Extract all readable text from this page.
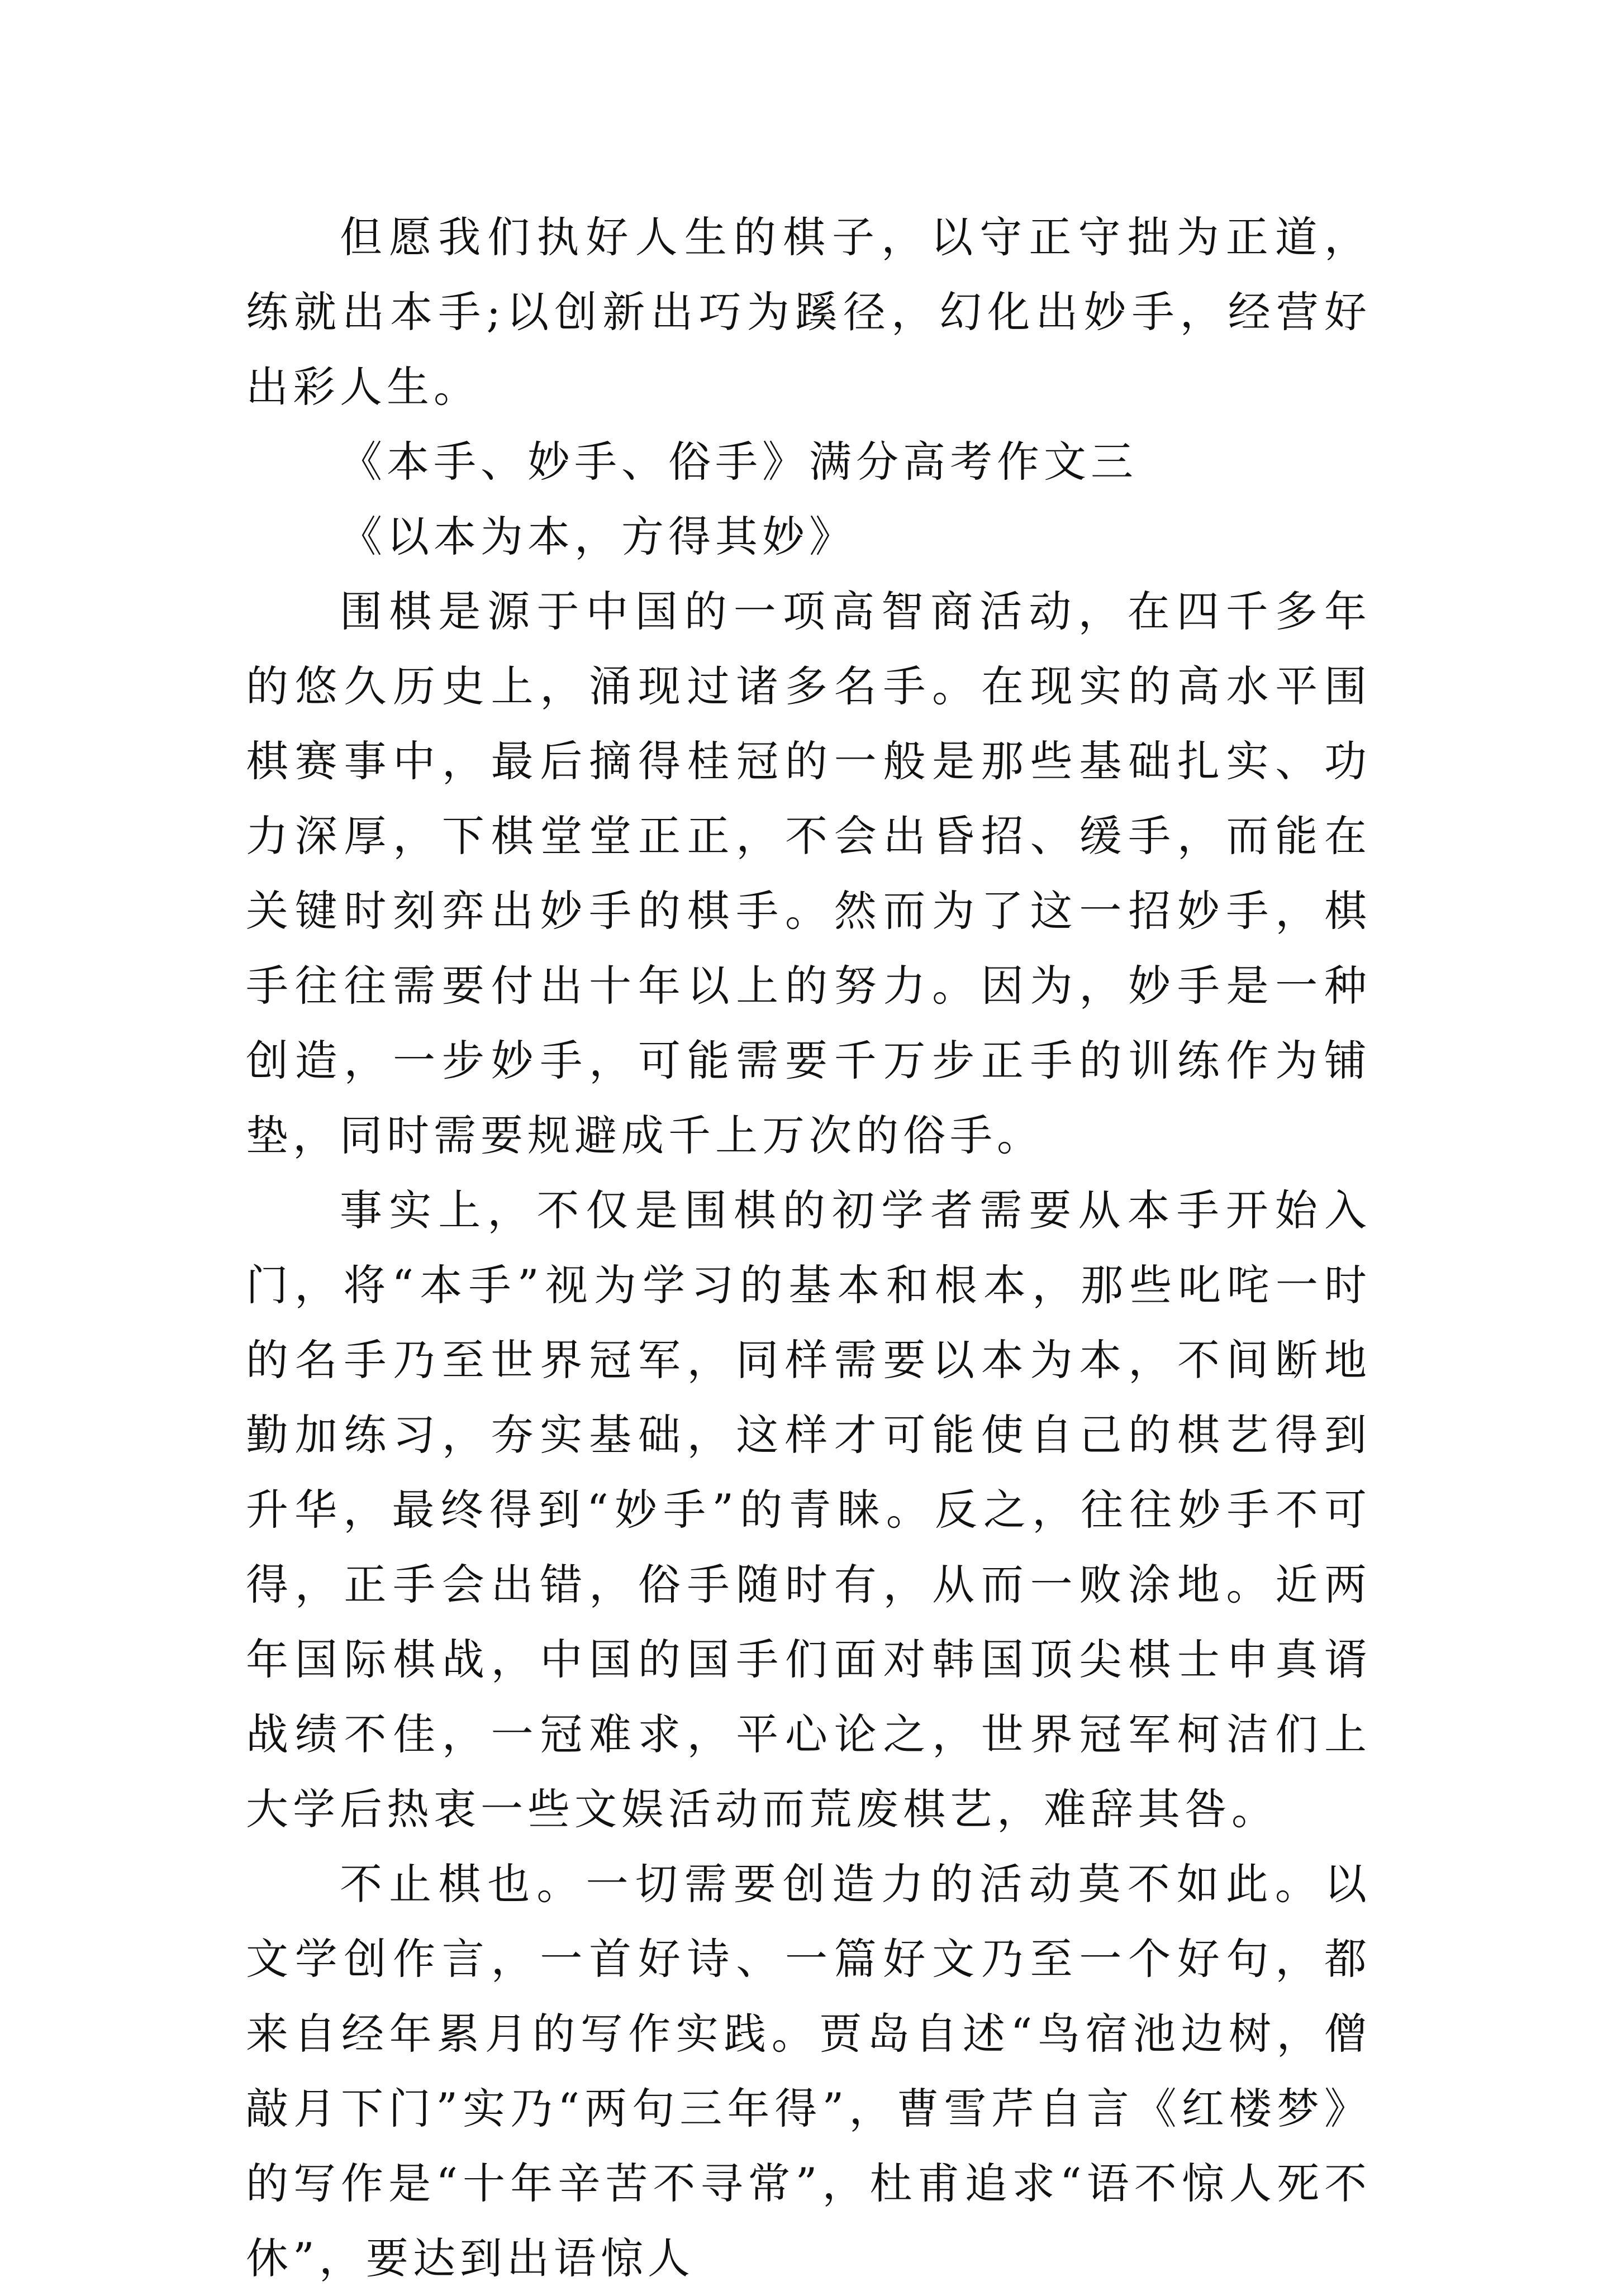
但愿我们执好人生的棋子，以守正守拙为正道，练就出本手;以创新出巧为蹊径，幻化出妙手，经营好出彩人生。

《本手、妙手、俗手》满分高考作文三

《以本为本，方得其妙》

围棋是源于中国的一项高智商活动，在四千多年的悠久历史上，涌现过诸多名手。在现实的高水平围棋赛事中，最后摘得桂冠的一般是那些基础扎实、功力深厚，下棋堂堂正正，不会出昏招、缓手，而能在关键时刻弈出妙手的棋手。然而为了这一招妙手，棋手往往需要付出十年以上的努力。因为，妙手是一种创造，一步妙手，可能需要千万步正手的训练作为铺垫，同时需要规避成千上万次的俗手。

事实上，不仅是围棋的初学者需要从本手开始入门，将“本手”视为学习的基本和根本，那些叱咤一时的名手乃至世界冠军，同样需要以本为本，不间断地勤加练习，夯实基础，这样才可能使自己的棋艺得到升华，最终得到“妙手”的青睐。反之，往往妙手不可得，正手会出错，俗手随时有，从而一败涂地。近两年国际棋战，中国的国手们面对韩国顶尖棋士申真谞战绩不佳，一冠难求，平心论之，世界冠军柯洁们上大学后热衷一些文娱活动而荒废棋艺，难辞其咎。

不止棋也。一切需要创造力的活动莫不如此。以文学创作言，一首好诗、一篇好文乃至一个好句，都来自经年累月的写作实践。贾岛自述“鸟宿池边树，僧敲月下门”实乃“两句三年得”，曹雪芹自言《红楼梦》的写作是“十年辛苦不寻常”，杜甫追求“语不惊人死不休”，要达到出语惊人
